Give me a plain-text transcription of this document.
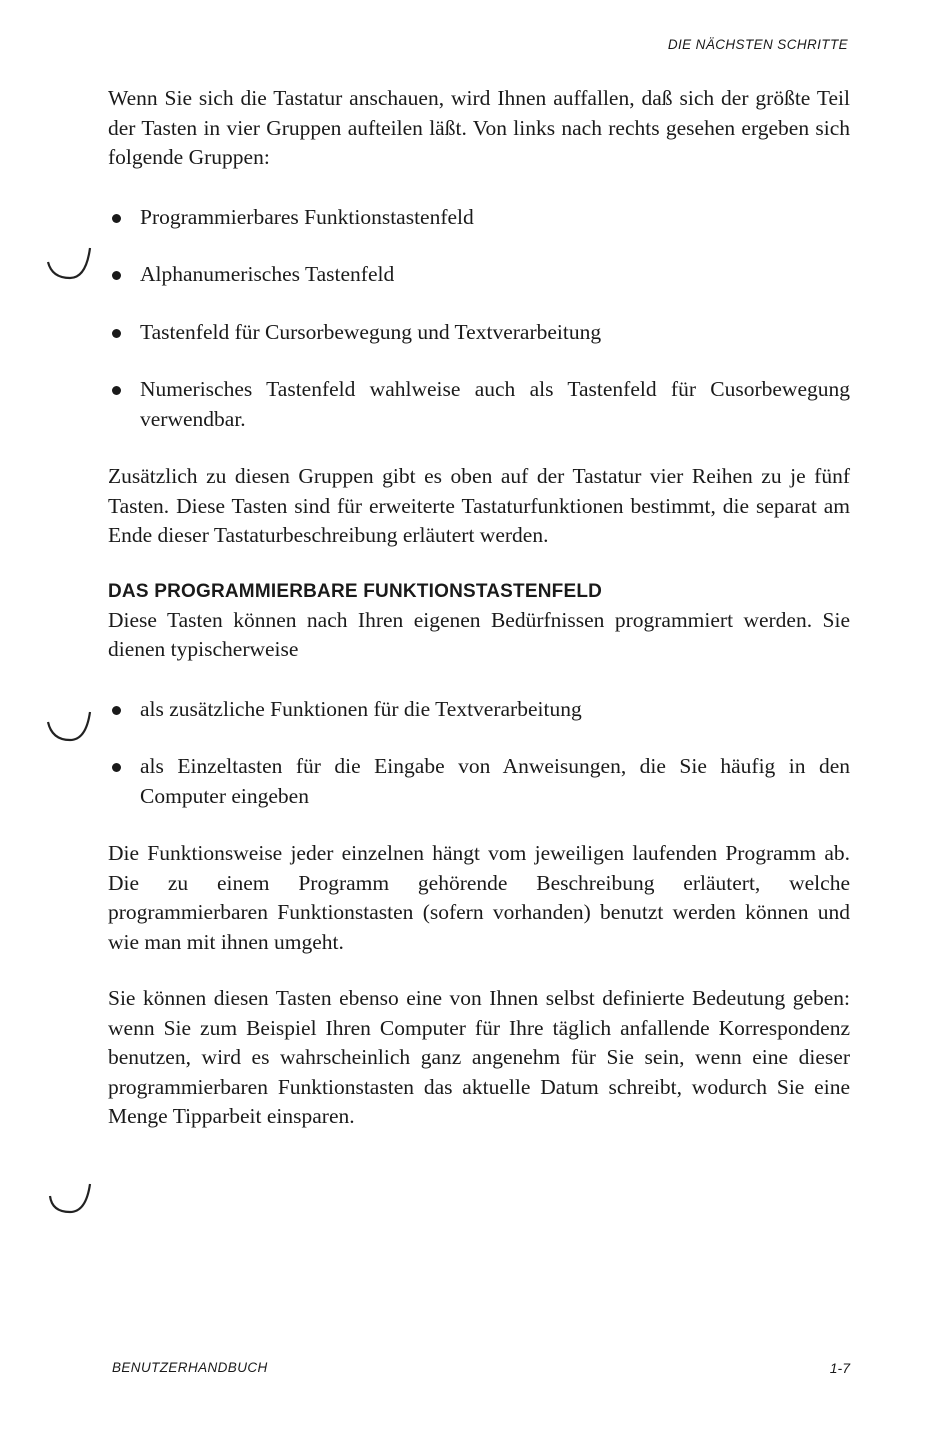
DIE NÄCHSTEN SCHRITTE

Wenn Sie sich die Tastatur anschauen, wird Ihnen auffallen, daß sich der größte Teil der Tasten in vier Gruppen aufteilen läßt. Von links nach rechts gesehen ergeben sich folgende Gruppen:

Programmierbares Funktionstastenfeld
Alphanumerisches Tastenfeld
Tastenfeld für Cursorbewegung und Textverarbeitung
Numerisches Tastenfeld wahlweise auch als Tastenfeld für Cusorbewegung verwendbar.

Zusätzlich zu diesen Gruppen gibt es oben auf der Tastatur vier Reihen zu je fünf Tasten. Diese Tasten sind für erweiterte Tastaturfunktionen bestimmt, die separat am Ende dieser Tastaturbeschreibung erläutert werden.

DAS PROGRAMMIERBARE FUNKTIONSTASTENFELD

Diese Tasten können nach Ihren eigenen Bedürfnissen programmiert werden. Sie dienen typischerweise

als zusätzliche Funktionen für die Textverarbeitung
als Einzeltasten für die Eingabe von Anweisungen, die Sie häufig in den Computer eingeben

Die Funktionsweise jeder einzelnen hängt vom jeweiligen laufenden Programm ab. Die zu einem Programm gehörende Beschreibung erläutert, welche programmierbaren Funktionstasten (sofern vorhanden) benutzt werden können und wie man mit ihnen umgeht.

Sie können diesen Tasten ebenso eine von Ihnen selbst definierte Bedeutung geben: wenn Sie zum Beispiel Ihren Computer für Ihre täglich anfallende Korrespondenz benutzen, wird es wahrscheinlich ganz angenehm für Sie sein, wenn eine dieser programmierbaren Funktionstasten das aktuelle Datum schreibt, wodurch Sie eine Menge Tipparbeit einsparen.

BENUTZERHANDBUCH	1-7
